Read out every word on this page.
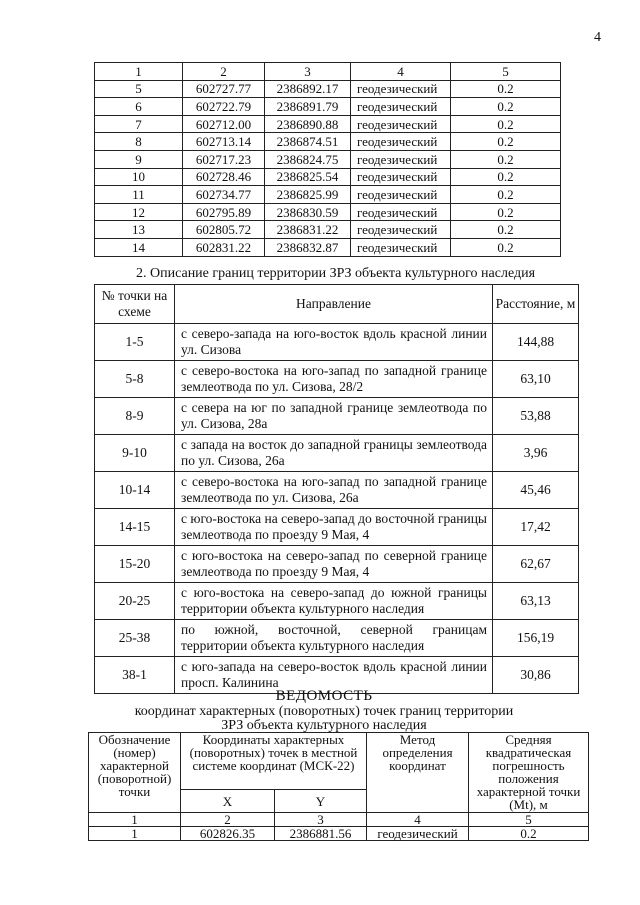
4
1	2	3	4	5
5	602727.77	2386892.17	геодезический	0.2
6	602722.79	2386891.79	геодезический	0.2
7	602712.00	2386890.88	геодезический	0.2
8	602713.14	2386874.51	геодезический	0.2
9	602717.23	2386824.75	геодезический	0.2
10	602728.46	2386825.54	геодезический	0.2
11	602734.77	2386825.99	геодезический	0.2
12	602795.89	2386830.59	геодезический	0.2
13	602805.72	2386831.22	геодезический	0.2
14	602831.22	2386832.87	геодезический	0.2
2. Описание границ территории ЗРЗ объекта культурного наследия
№ точки на схеме	Направление	Расстояние, м
1-5	с северо-запада на юго-восток вдоль красной линии ул. Сизова	144,88
5-8	с северо-востока на юго-запад по западной границе землеотвода по ул. Сизова, 28/2	63,10
8-9	с севера на юг по западной границе землеотвода по ул. Сизова, 28а	53,88
9-10	с запада на восток до западной границы землеотвода по ул. Сизова, 26а	3,96
10-14	с северо-востока на юго-запад по западной границе землеотвода по ул. Сизова, 26а	45,46
14-15	с юго-востока на северо-запад до восточной границы землеотвода по проезду 9 Мая, 4	17,42
15-20	с юго-востока на северо-запад по северной границе землеотвода по проезду 9 Мая, 4	62,67
20-25	с юго-востока на северо-запад до южной границы территории объекта культурного наследия	63,13
25-38	по южной, восточной, северной границам территории объекта культурного наследия	156,19
38-1	с юго-запада на северо-восток вдоль красной линии просп. Калинина	30,86
ВЕДОМОСТЬ
координат характерных (поворотных) точек границ территории
ЗРЗ объекта культурного наследия
Обозначение (номер) характерной (поворотной) точки	Координаты характерных (поворотных) точек в местной системе координат (МСК-22)		Метод определения координат	Средняя квадратическая погрешность положения характерной точки (Mt), м
	X	Y		
1	2	3	4	5
1	602826.35	2386881.56	геодезический	0.2
